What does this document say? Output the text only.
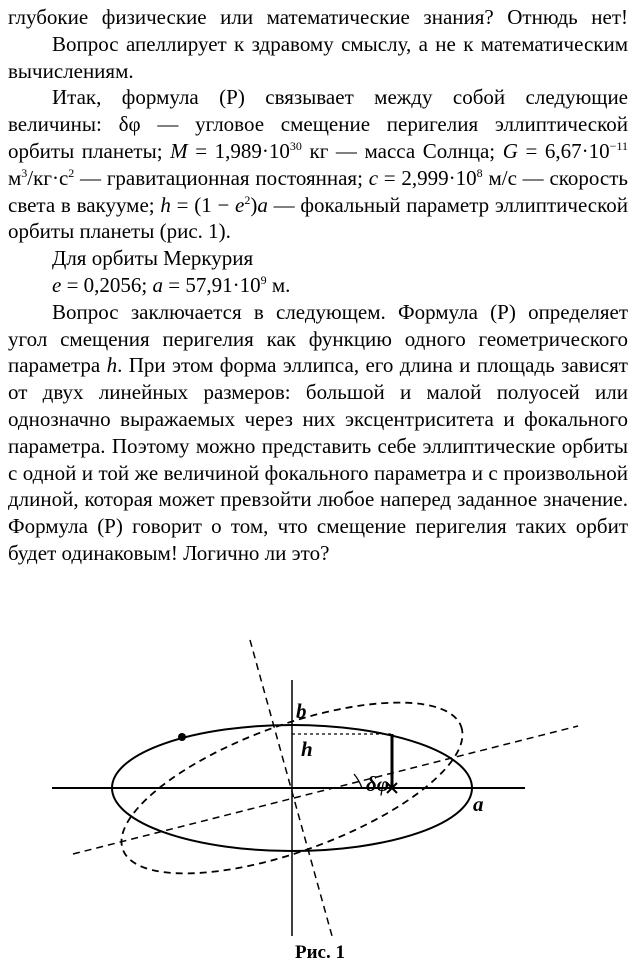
глубокие физические или математические знания? Отнюдь нет!

Вопрос апеллирует к здравому смыслу, а не к математическим вычислениям.

Итак, формула (Р) связывает между собой следующие величины: δφ — угловое смещение перигелия эллиптической орбиты планеты; $M = 1,989\cdot 10^{30}$ кг — масса Солнца; $G = 6,67\cdot 10^{-11}$ $м^3/кг\cdot с^2$ — гравитационная постоянная; $c = 2,999\cdot 10^8$ м/с — скорость света в вакууме; $h = (1 - e^2)a$ — фокальный параметр эллиптической орбиты планеты (рис. 1).

Для орбиты Меркурия

e = 0,2056; $a = 57,91\cdot 10^9$ м.

Вопрос заключается в следующем. Формула (Р) определяет угол смещения перигелия как функцию одного геометрического параметра h. При этом форма эллипса, его длина и площадь зависят от двух линейных размеров: большой и малой полуосей или однозначно выражаемых через них эксцентриситета и фокального параметра. Поэтому можно представить себе эллиптические орбиты с одной и той же величиной фокального параметра и с произвольной длиной, которая может превзойти любое наперед заданное значение. Формула (Р) говорит о том, что смещение перигелия таких орбит будет одинаковым! Логично ли это?

b
h
δφ
a
Рис. 1
